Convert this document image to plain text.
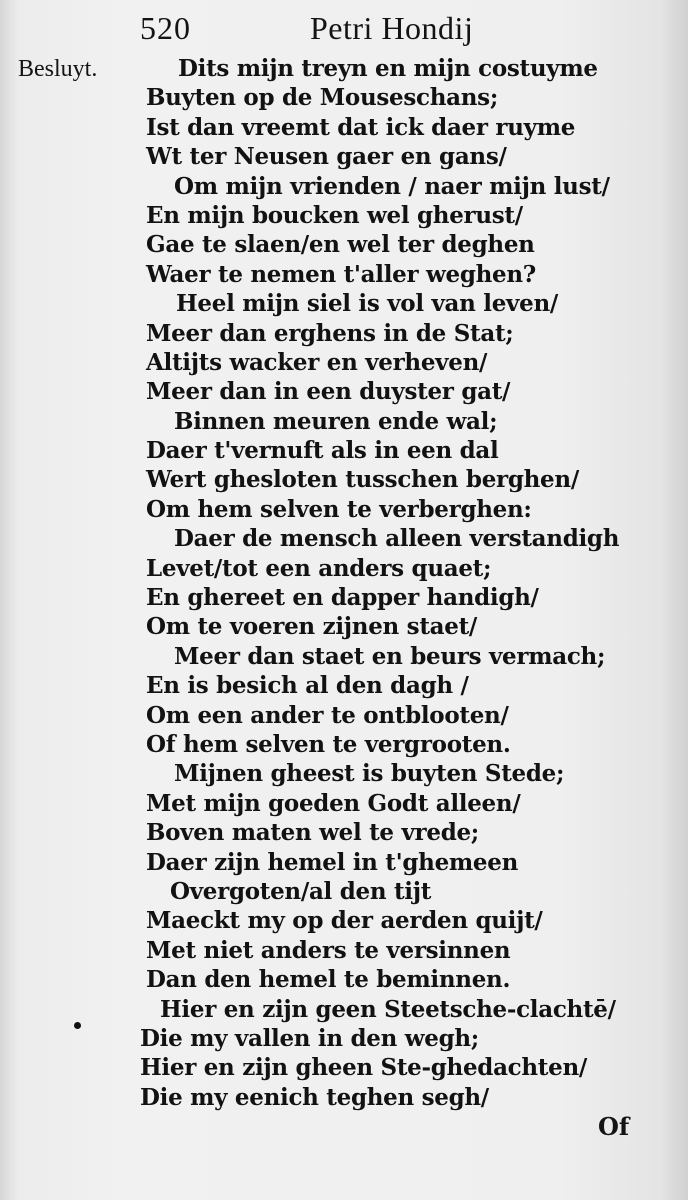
520	Petri Hondij
Besluyt.	Dits mijn treyn en mijn costuyme
Buyten op de Mouseschans;
Ist dan vreemt dat ick daer ruyme
Wt ter Neusen gaer en gans/
Om mijn vrienden / naer mijn lust/
En mijn boucken wel gherust/
Gae te slaen/en wel ter deghen
Waer te nemen t'aller weghen?
Heel mijn siel is vol van leven/
Meer dan erghens in de Stat;
Altijts wacker en verheven/
Meer dan in een duyster gat/
Binnen meuren ende wal;
Daer t'vernuft als in een dal
Wert ghesloten tusschen berghen/
Om hem selven te verberghen:
Daer de mensch alleen verstandigh
Levet/tot een anders quaet;
En ghereet en dapper handigh/
Om te voeren zijnen staet/
Meer dan staet en beurs vermach;
En is besich al den dagh /
Om een ander te ontblooten/
Of hem selven te vergrooten.
Mijnen gheest is buyten Stede;
Met mijn goeden Godt alleen/
Boven maten wel te vrede;
Daer zijn hemel in t'ghemeen
Overgoten/al den tijt
Maeckt my op der aerden quijt/
Met niet anders te versinnen
Dan den hemel te beminnen.
Hier en zijn geen Steetsche-clachtē/
Die my vallen in den wegh;
Hier en zijn gheen Ste-ghedachten/
Die my eenich teghen segh/
Of
